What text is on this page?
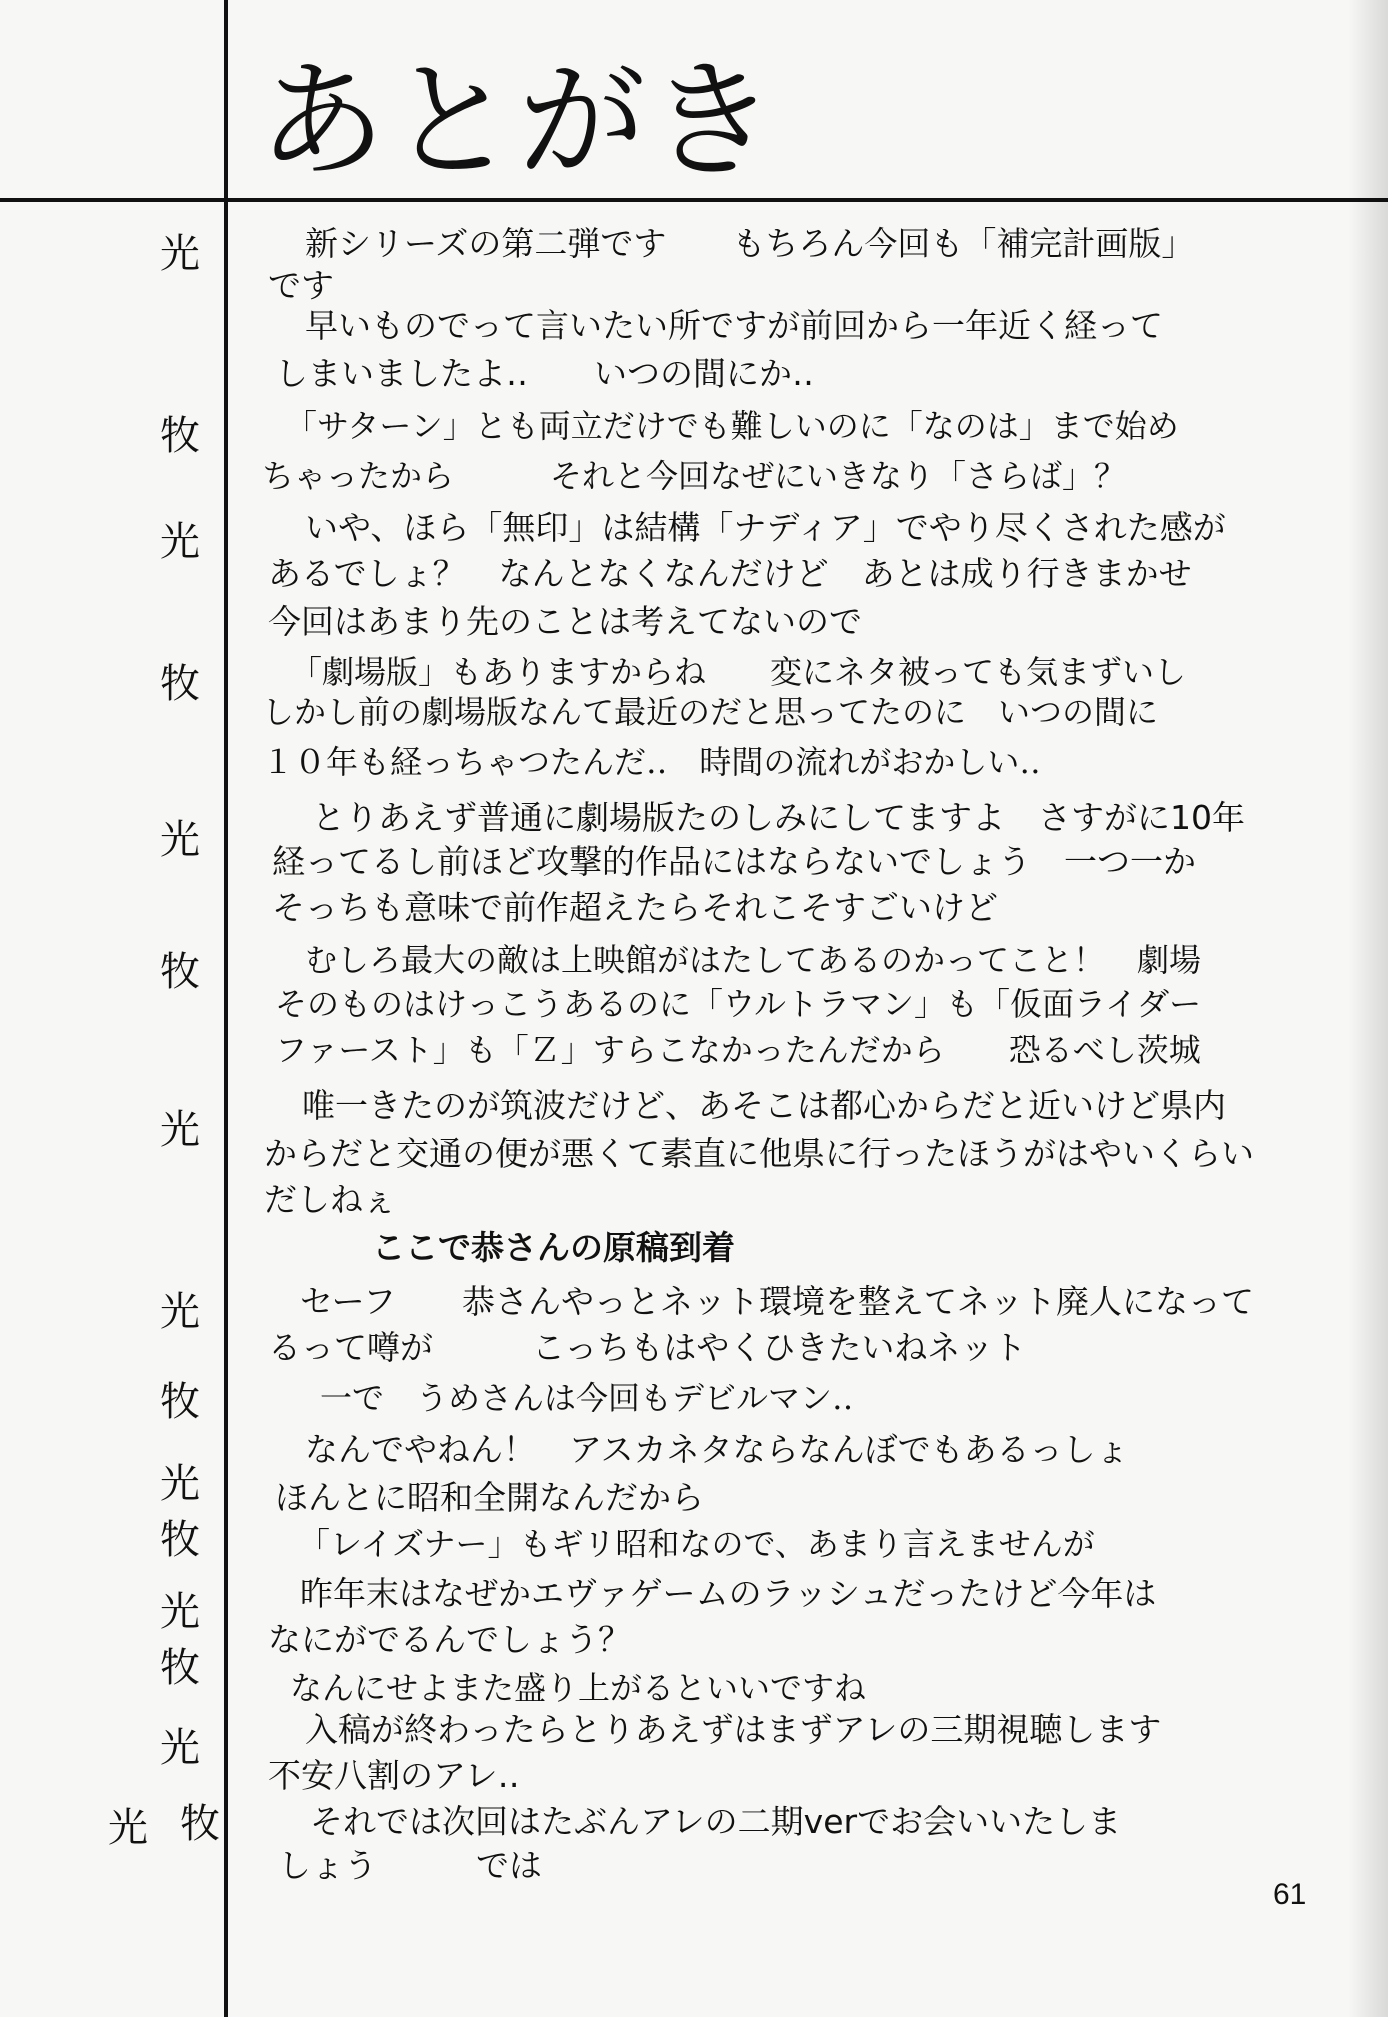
あとがき
光
牧
光
牧
光
牧
光
光
牧
光
牧
光
牧
光
光 牧
新シリーズの第二弾です　　もちろん今回も「補完計画版」
です
早いものでって言いたい所ですが前回から一年近く経って
しまいましたよ‥　　いつの間にか‥
「サターン」とも両立だけでも難しいのに「なのは」まで始め
ちゃったから　　　それと今回なぜにいきなり「さらば」？
いや、ほら「無印」は結構「ナディア」でやり尽くされた感が
あるでしょ？　なんとなくなんだけど　あとは成り行きまかせ
今回はあまり先のことは考えてないので
「劇場版」もありますからね　　変にネタ被っても気まずいし
しかし前の劇場版なんて最近のだと思ってたのに　いつの間に
１０年も経っちゃつたんだ‥　時間の流れがおかしい‥
とりあえず普通に劇場版たのしみにしてますよ　さすがに10年
経ってるし前ほど攻撃的作品にはならないでしょう　一つ一か
そっちも意味で前作超えたらそれこそすごいけど
むしろ最大の敵は上映館がはたしてあるのかってこと！　劇場
そのものはけっこうあるのに「ウルトラマン」も「仮面ライダー
ファースト」も「Ｚ」すらこなかったんだから　　恐るべし茨城
唯一きたのが筑波だけど、あそこは都心からだと近いけど県内
からだと交通の便が悪くて素直に他県に行ったほうがはやいくらい
だしねぇ
ここで恭さんの原稿到着
セーフ　　恭さんやっとネット環境を整えてネット廃人になって
るって噂が　　　こっちもはやくひきたいねネット
一で　うめさんは今回もデビルマン‥
なんでやねん！　アスカネタならなんぼでもあるっしょ
ほんとに昭和全開なんだから
「レイズナー」もギリ昭和なので、あまり言えませんが
昨年末はなぜかエヴァゲームのラッシュだったけど今年は
なにがでるんでしょう？
なんにせよまた盛り上がるといいですね
入稿が終わったらとりあえずはまずアレの三期視聴します
不安八割のアレ‥
それでは次回はたぶんアレの二期verでお会いいたしま
しょう　　　では
61
